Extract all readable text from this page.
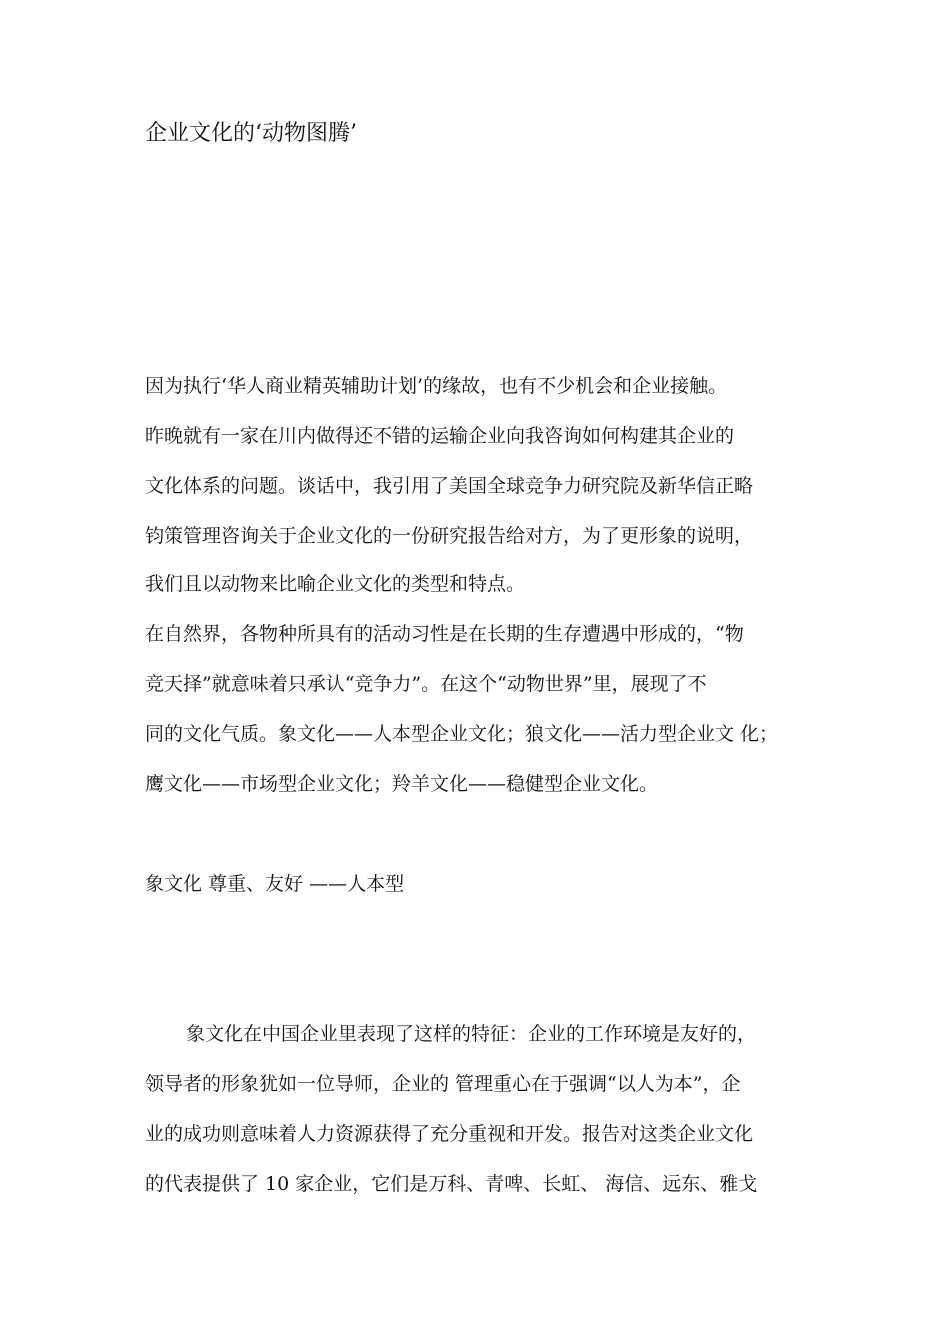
企业文化的‘动物图腾’
因为执行‘华人商业精英辅助计划’的缘故，也有不少机会和企业接触。
昨晚就有一家在川内做得还不错的运输企业向我咨询如何构建其企业的
文化体系的问题。谈话中，我引用了美国全球竞争力研究院及新华信正略
钧策管理咨询关于企业文化的一份研究报告给对方，为了更形象的说明，
我们且以动物来比喻企业文化的类型和特点。
在自然界，各物种所具有的活动习性是在长期的生存遭遇中形成的，“物
竞天择”就意味着只承认“竞争力”。在这个“动物世界”里，展现了不
同的文化气质。象文化——人本型企业文化；狼文化——活力型企业文 化；
鹰文化——市场型企业文化；羚羊文化——稳健型企业文化。
象文化 尊重、友好 ——人本型
象文化在中国企业里表现了这样的特征：企业的工作环境是友好的，
领导者的形象犹如一位导师，企业的 管理重心在于强调“以人为本”，企
业的成功则意味着人力资源获得了充分重视和开发。报告对这类企业文化
的代表提供了 10 家企业，它们是万科、青啤、长虹、 海信、远东、雅戈
